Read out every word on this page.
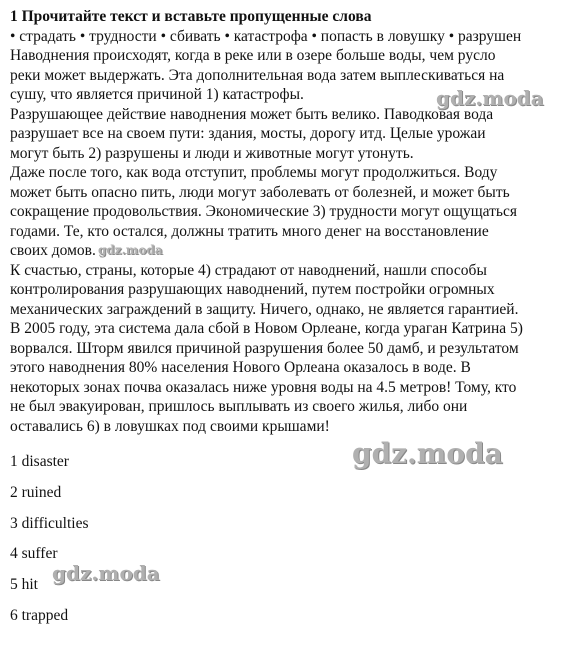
1 Прочитайте текст и вставьте пропущенные слова

• страдать • трудности • сбивать • катастрофа • попасть в ловушку • разрушен

Наводнения происходят, когда в реке или в озере больше воды, чем русло

реки может выдержать. Эта дополнительная вода затем выплескиваться на

сушу, что является причиной 1) катастрофы.

Разрушающее действие наводнения может быть велико. Паводковая вода

разрушает все на своем пути: здания, мосты, дорогу итд. Целые урожаи

могут быть 2) разрушены и люди и животные могут утонуть.

Даже после того, как вода отступит, проблемы могут продолжиться. Воду

может быть опасно пить, люди могут заболевать от болезней, и может быть

сокращение продовольствия. Экономические 3) трудности могут ощущаться

годами. Те, кто остался, должны тратить много денег на восстановление

своих домов.

К счастью, страны, которые 4) страдают от наводнений, нашли способы

контролирования разрушающих наводнений, путем постройки огромных

механических заграждений в защиту. Ничего, однако, не является гарантией.

В 2005 году, эта система дала сбой в Новом Орлеане, когда ураган Катрина 5)

ворвался. Шторм явился причиной разрушения более 50 дамб, и результатом

этого наводнения 80% населения Нового Орлеана оказалось в воде. В

некоторых зонах почва оказалась ниже уровня воды на 4.5 метров! Тому, кто

не был эвакуирован, пришлось выплывать из своего жилья, либо они

оставались 6) в ловушках под своими крышами!

1 disaster

2 ruined

3 difficulties

4 suffer

5 hit

6 trapped

gdz.moda
gdz.moda
gdz.moda
gdz.moda
